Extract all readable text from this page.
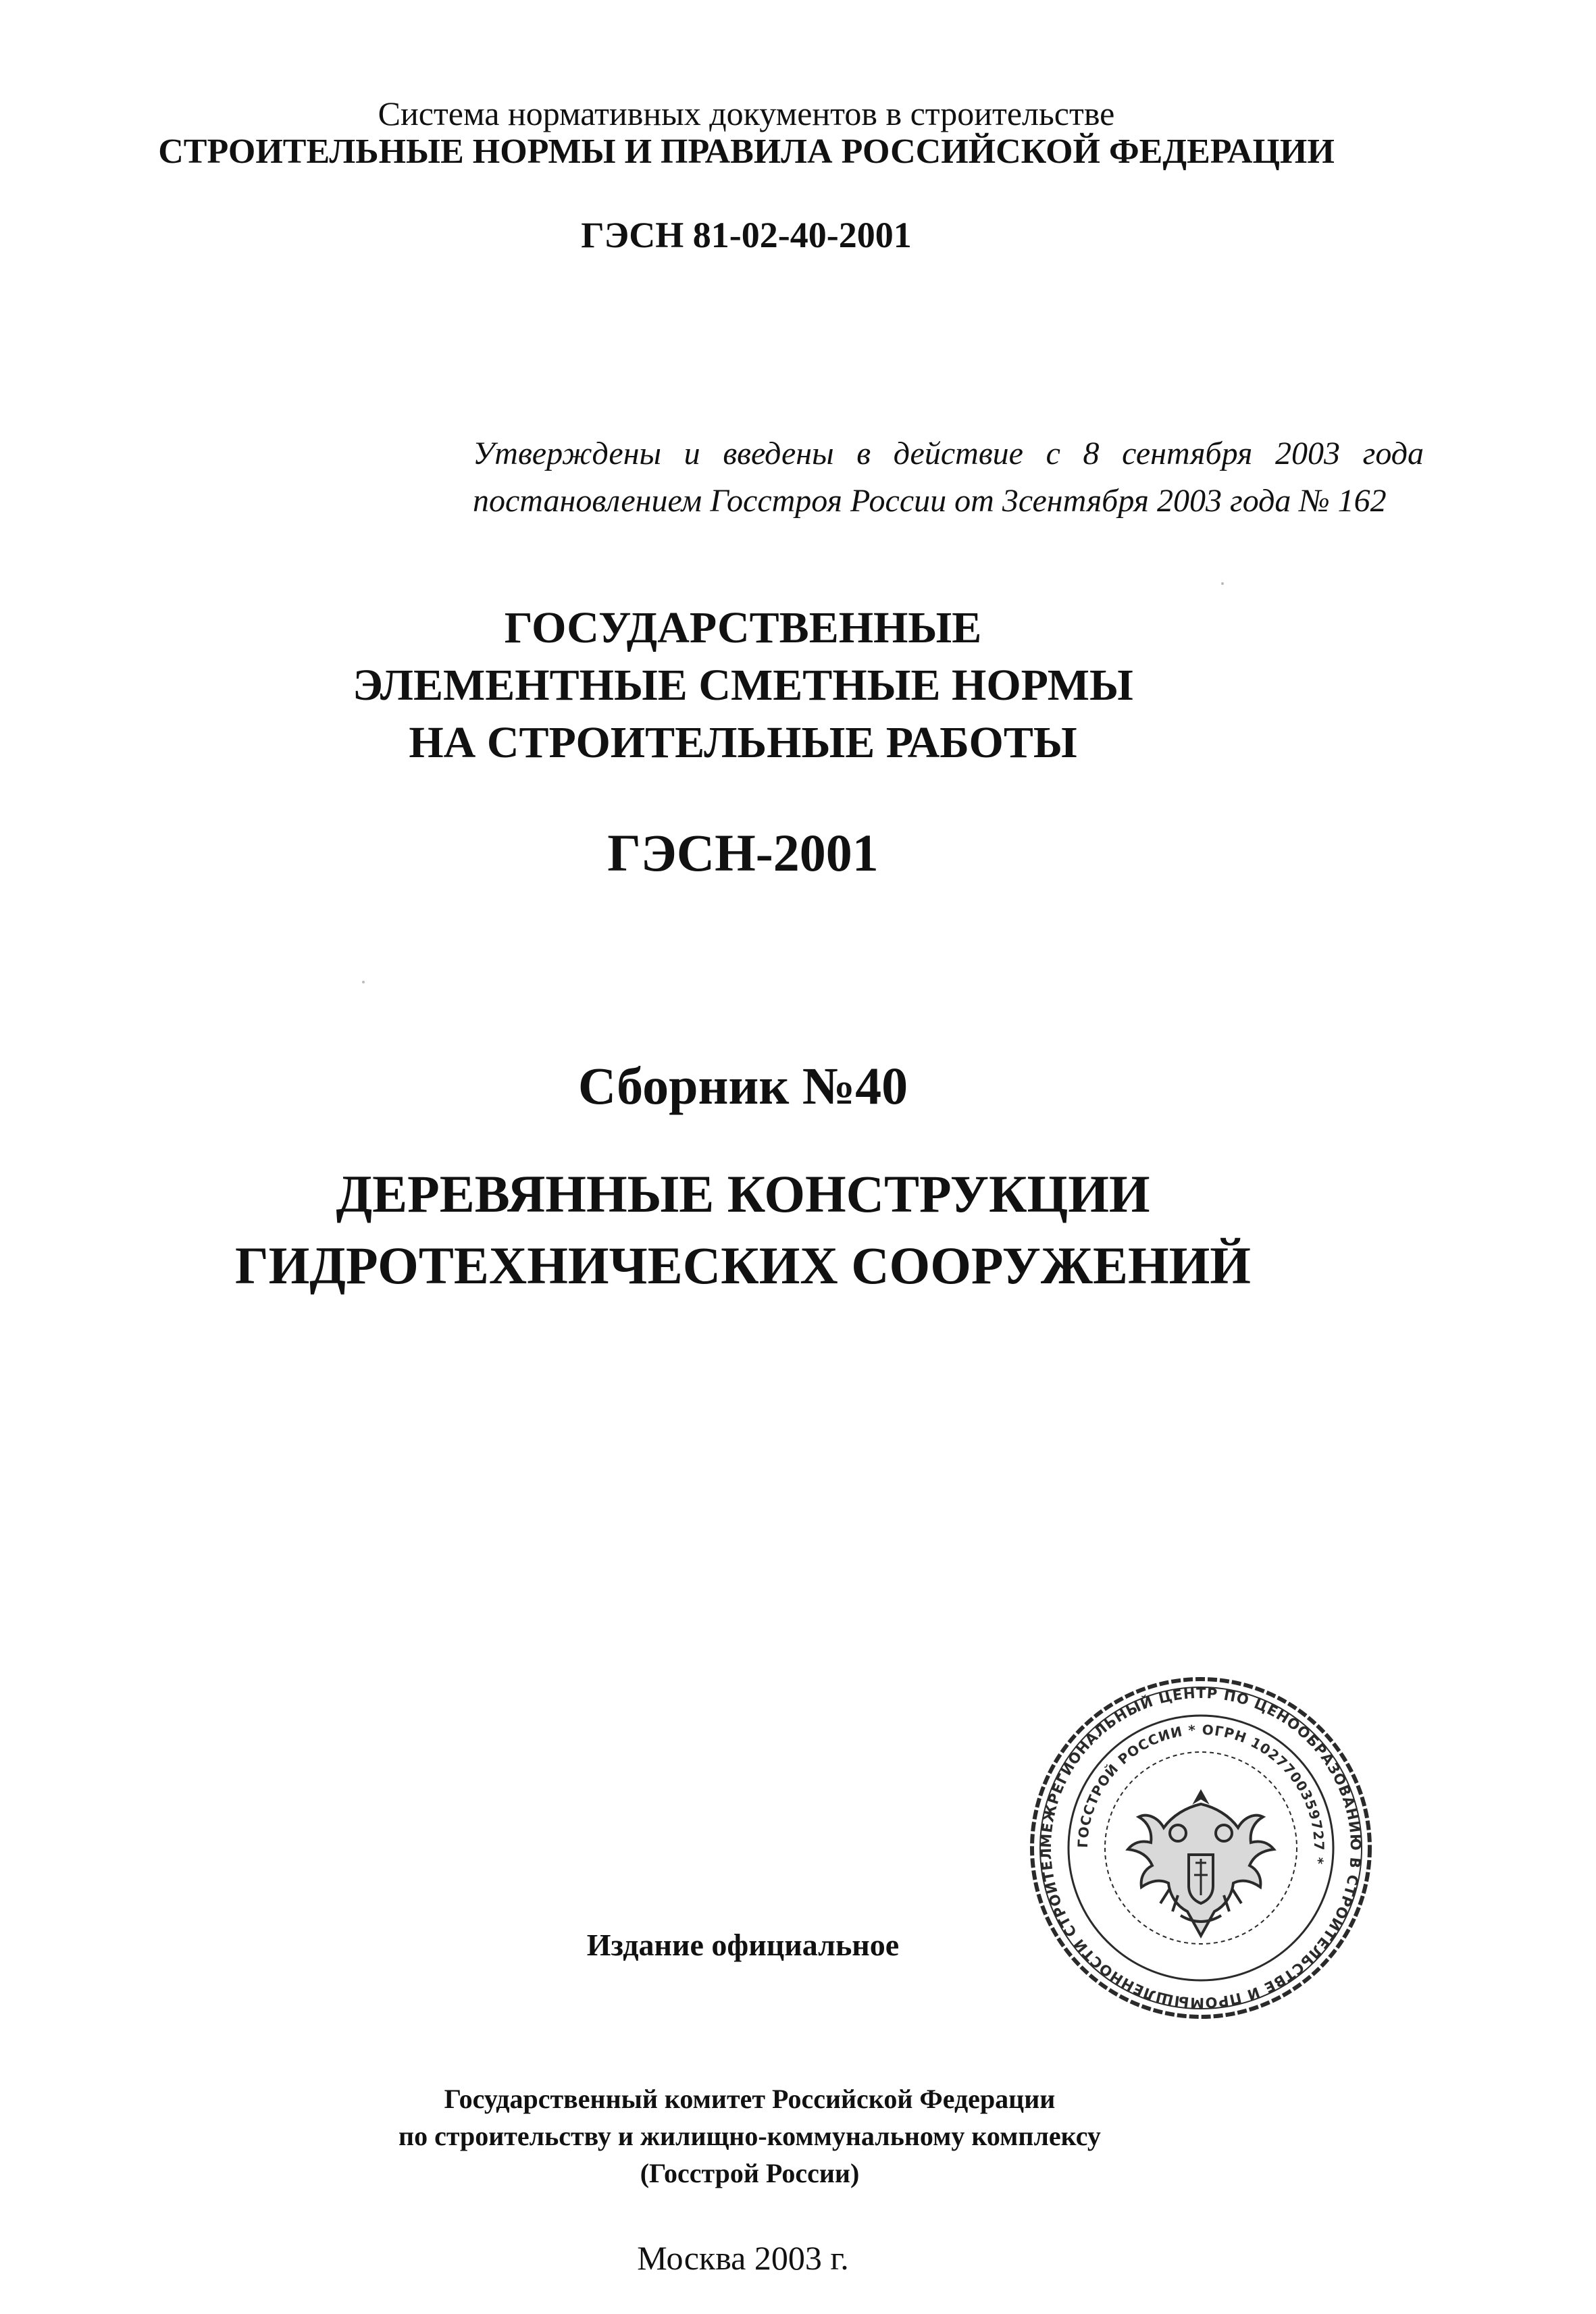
Система нормативных документов в строительстве
СТРОИТЕЛЬНЫЕ НОРМЫ И ПРАВИЛА РОССИЙСКОЙ ФЕДЕРАЦИИ
ГЭСН 81-02-40-2001
Утверждены и введены в действие с 8 сентября 2003 года
постановлением Госстроя России от 3сентября 2003 года № 162
ГОСУДАРСТВЕННЫЕ
ЭЛЕМЕНТНЫЕ СМЕТНЫЕ НОРМЫ
НА СТРОИТЕЛЬНЫЕ РАБОТЫ
ГЭСН-2001
Сборник №40
ДЕРЕВЯННЫЕ КОНСТРУКЦИИ
ГИДРОТЕХНИЧЕСКИХ СООРУЖЕНИЙ
МЕЖРЕГИОНАЛЬНЫЙ ЦЕНТР ПО ЦЕНООБРАЗОВАНИЮ В СТРОИТЕЛЬСТВЕ И ПРОМЫШЛЕННОСТИ СТРОИТЕЛ
ГОССТРОЙ РОССИИ * ОГРН 1027700359727 *
Издание официальное
Государственный комитет Российской Федерации
по строительству и жилищно-коммунальному комплексу
(Госстрой России)
Москва 2003 г.
